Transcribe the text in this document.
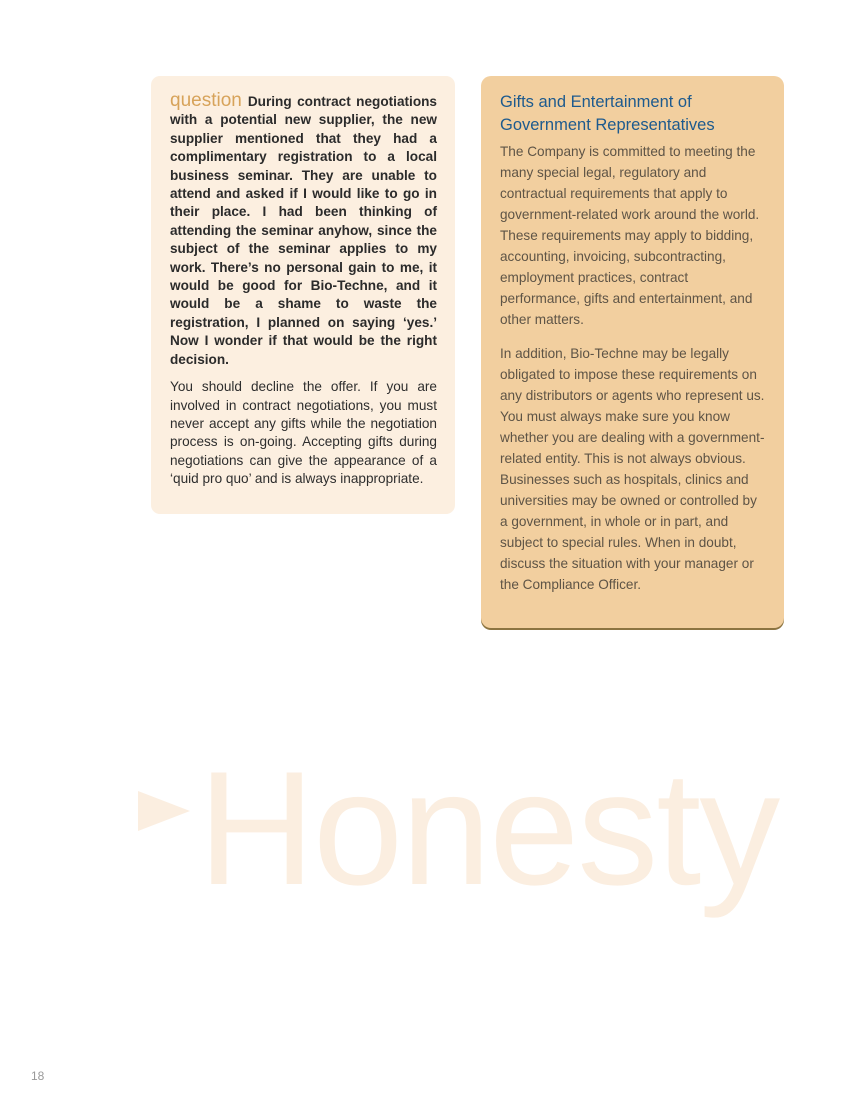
question During contract negotiations with a potential new supplier, the new supplier mentioned that they had a complimentary registration to a local business seminar. They are unable to attend and asked if I would like to go in their place. I had been thinking of attending the seminar anyhow, since the subject of the seminar applies to my work. There’s no personal gain to me, it would be good for Bio-Techne, and it would be a shame to waste the registration, I planned on saying ‘yes.’ Now I wonder if that would be the right decision.

You should decline the offer. If you are involved in contract negotiations, you must never accept any gifts while the negotiation process is on-going. Accepting gifts during negotiations can give the appearance of a ‘quid pro quo’ and is always inappropriate.

Gifts and Entertainment of Government Representatives

The Company is committed to meeting the many special legal, regulatory and contractual requirements that apply to government-related work around the world. These requirements may apply to bidding, accounting, invoicing, subcontracting, employment practices, contract performance, gifts and entertainment, and other matters.

In addition, Bio-Techne may be legally obligated to impose these requirements on any distributors or agents who represent us. You must always make sure you know whether you are dealing with a government-related entity. This is not always obvious. Businesses such as hospitals, clinics and universities may be owned or controlled by a government, in whole or in part, and subject to special rules. When in doubt, discuss the situation with your manager or the Compliance Officer.

Honesty
18
